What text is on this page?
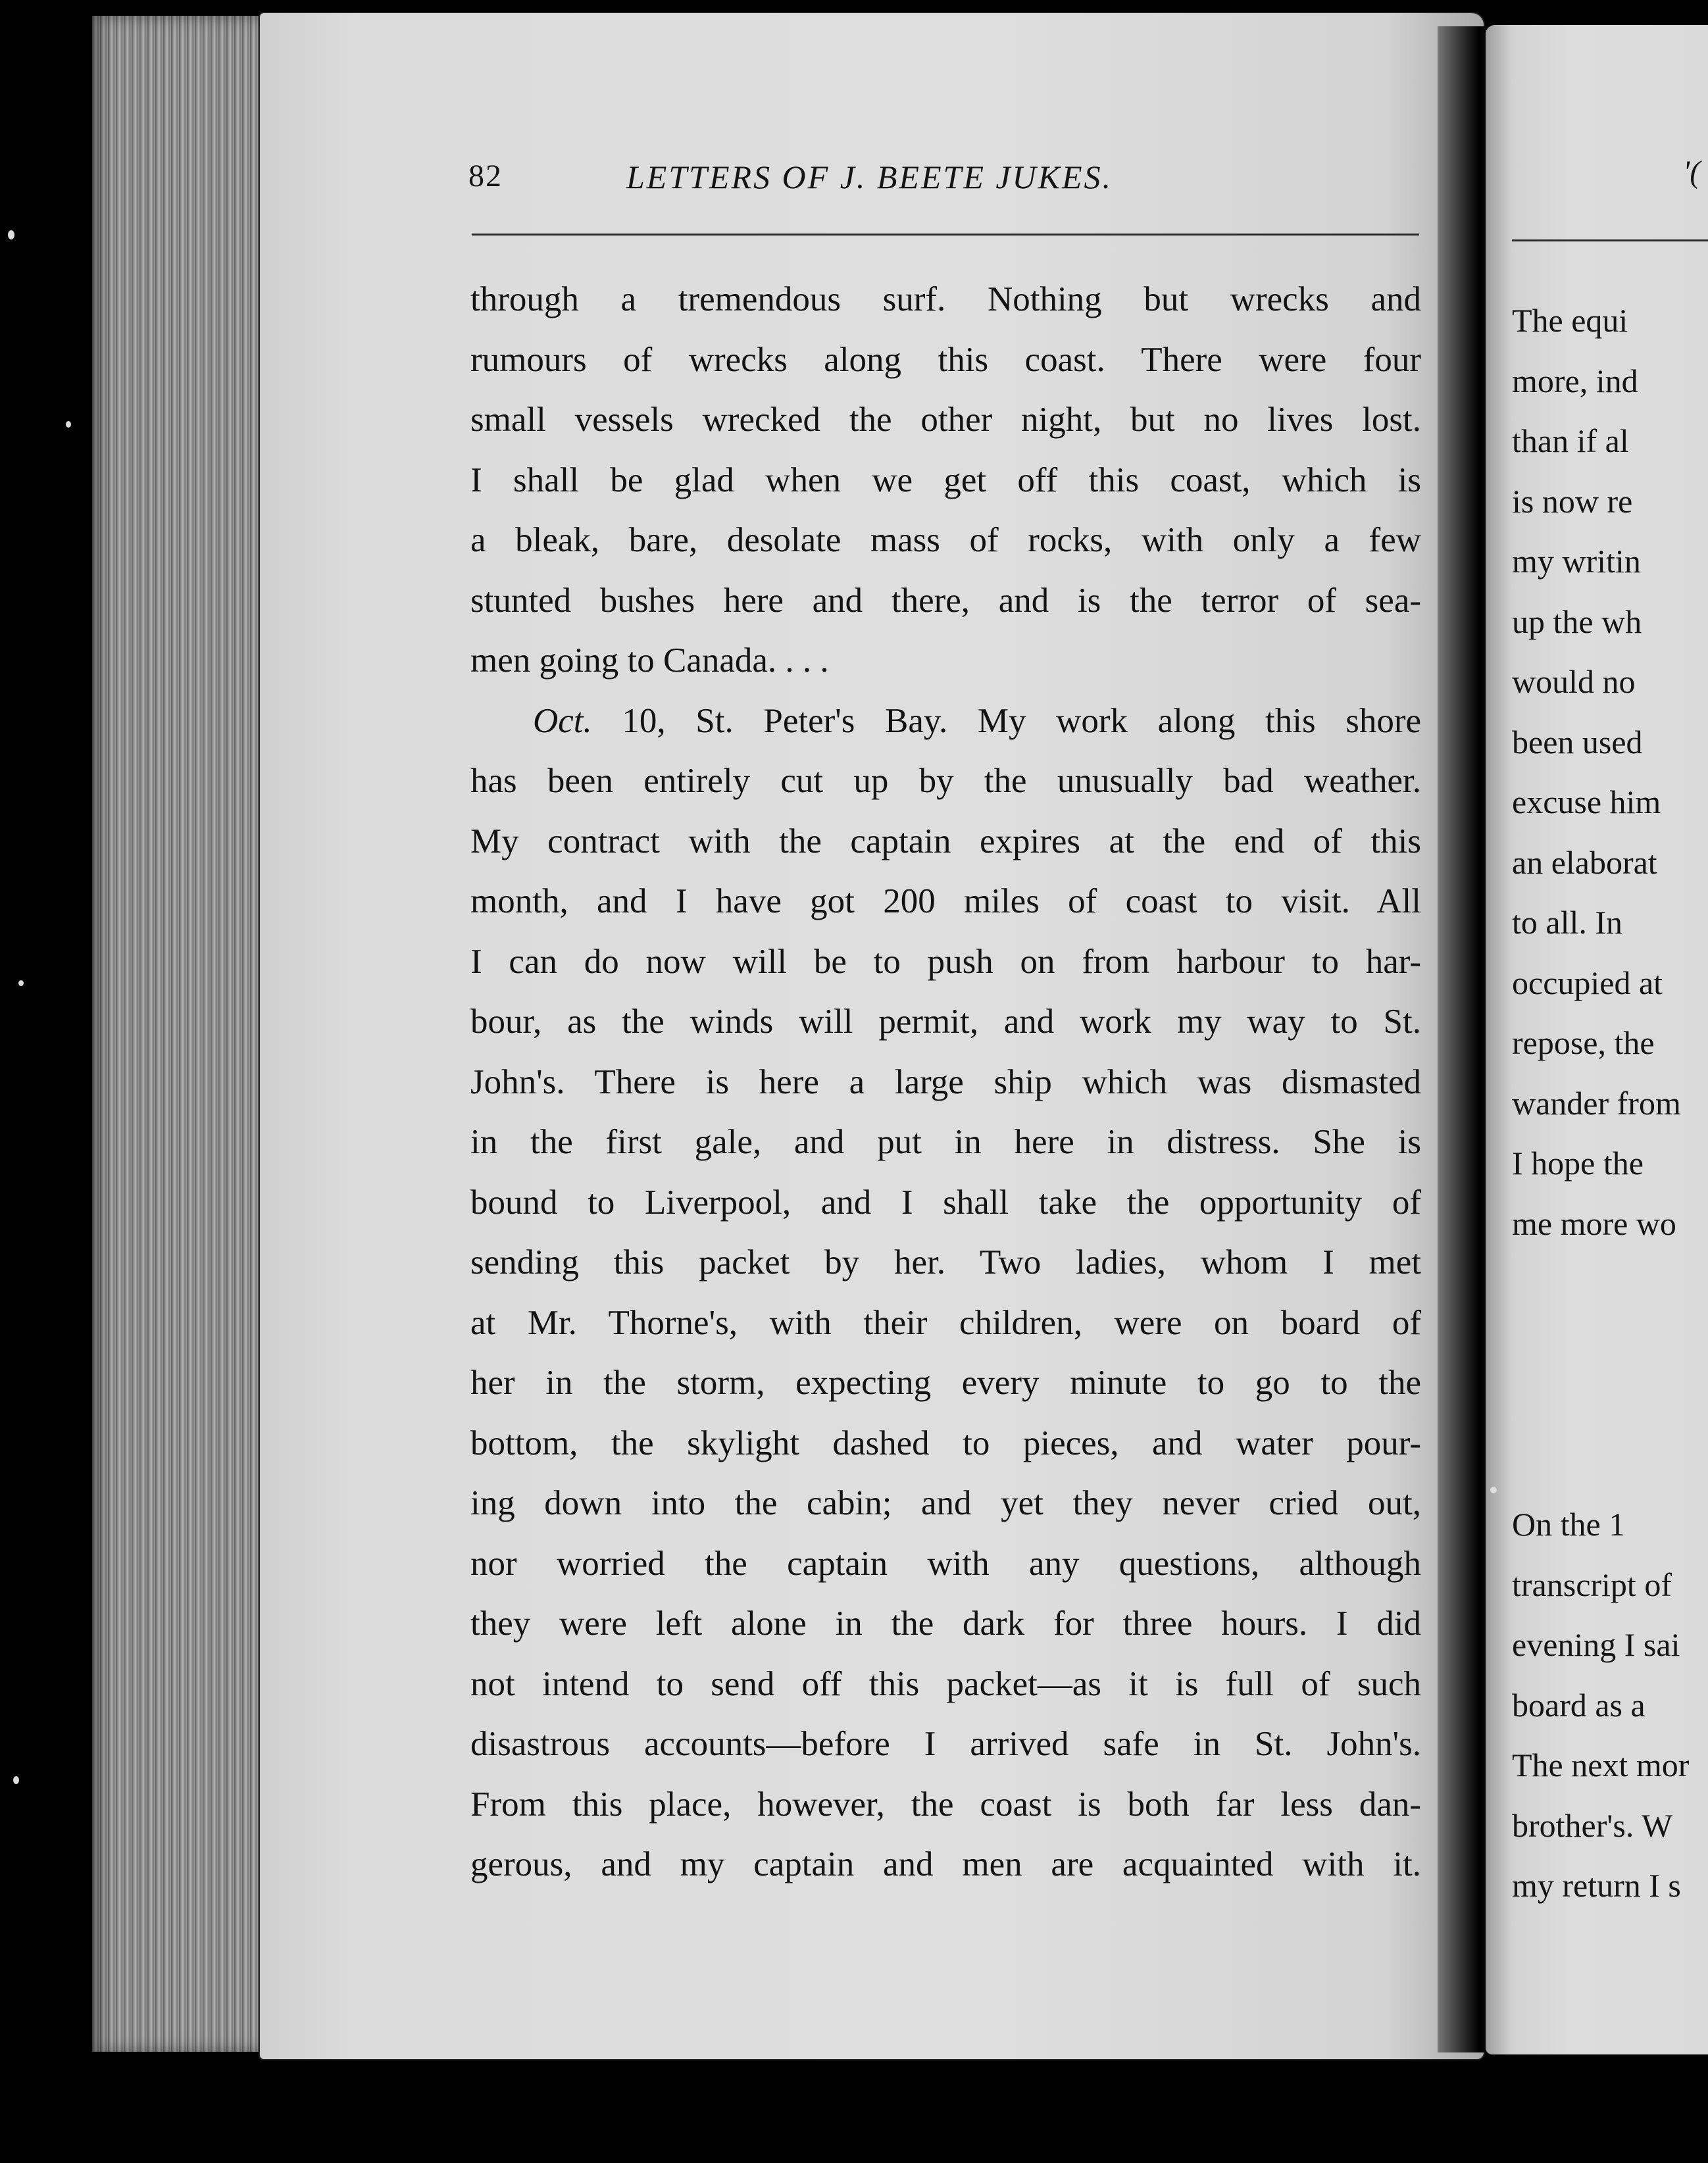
'(
The equi
more, ind
than if al
is now re
my writin
up the wh
would no
been used
excuse him
an elaborat
to all. In
occupied at
repose, the
wander from
I hope the
me more wo
On the 1
transcript of
evening I sai
board as a
The next mor
brother's. W
my return I s
82	LETTERS OF J. BEETE JUKES.
through a tremendous surf. Nothing but wrecks and
rumours of wrecks along this coast. There were four
small vessels wrecked the other night, but no lives lost.
I shall be glad when we get off this coast, which is
a bleak, bare, desolate mass of rocks, with only a few
stunted bushes here and there, and is the terror of sea-
men going to Canada. . . .
Oct. 10, St. Peter's Bay. My work along this shore
has been entirely cut up by the unusually bad weather.
My contract with the captain expires at the end of this
month, and I have got 200 miles of coast to visit. All
I can do now will be to push on from harbour to har-
bour, as the winds will permit, and work my way to St.
John's. There is here a large ship which was dismasted
in the first gale, and put in here in distress. She is
bound to Liverpool, and I shall take the opportunity of
sending this packet by her. Two ladies, whom I met
at Mr. Thorne's, with their children, were on board of
her in the storm, expecting every minute to go to the
bottom, the skylight dashed to pieces, and water pour-
ing down into the cabin; and yet they never cried out,
nor worried the captain with any questions, although
they were left alone in the dark for three hours. I did
not intend to send off this packet—as it is full of such
disastrous accounts—before I arrived safe in St. John's.
From this place, however, the coast is both far less dan-
gerous, and my captain and men are acquainted with it.
